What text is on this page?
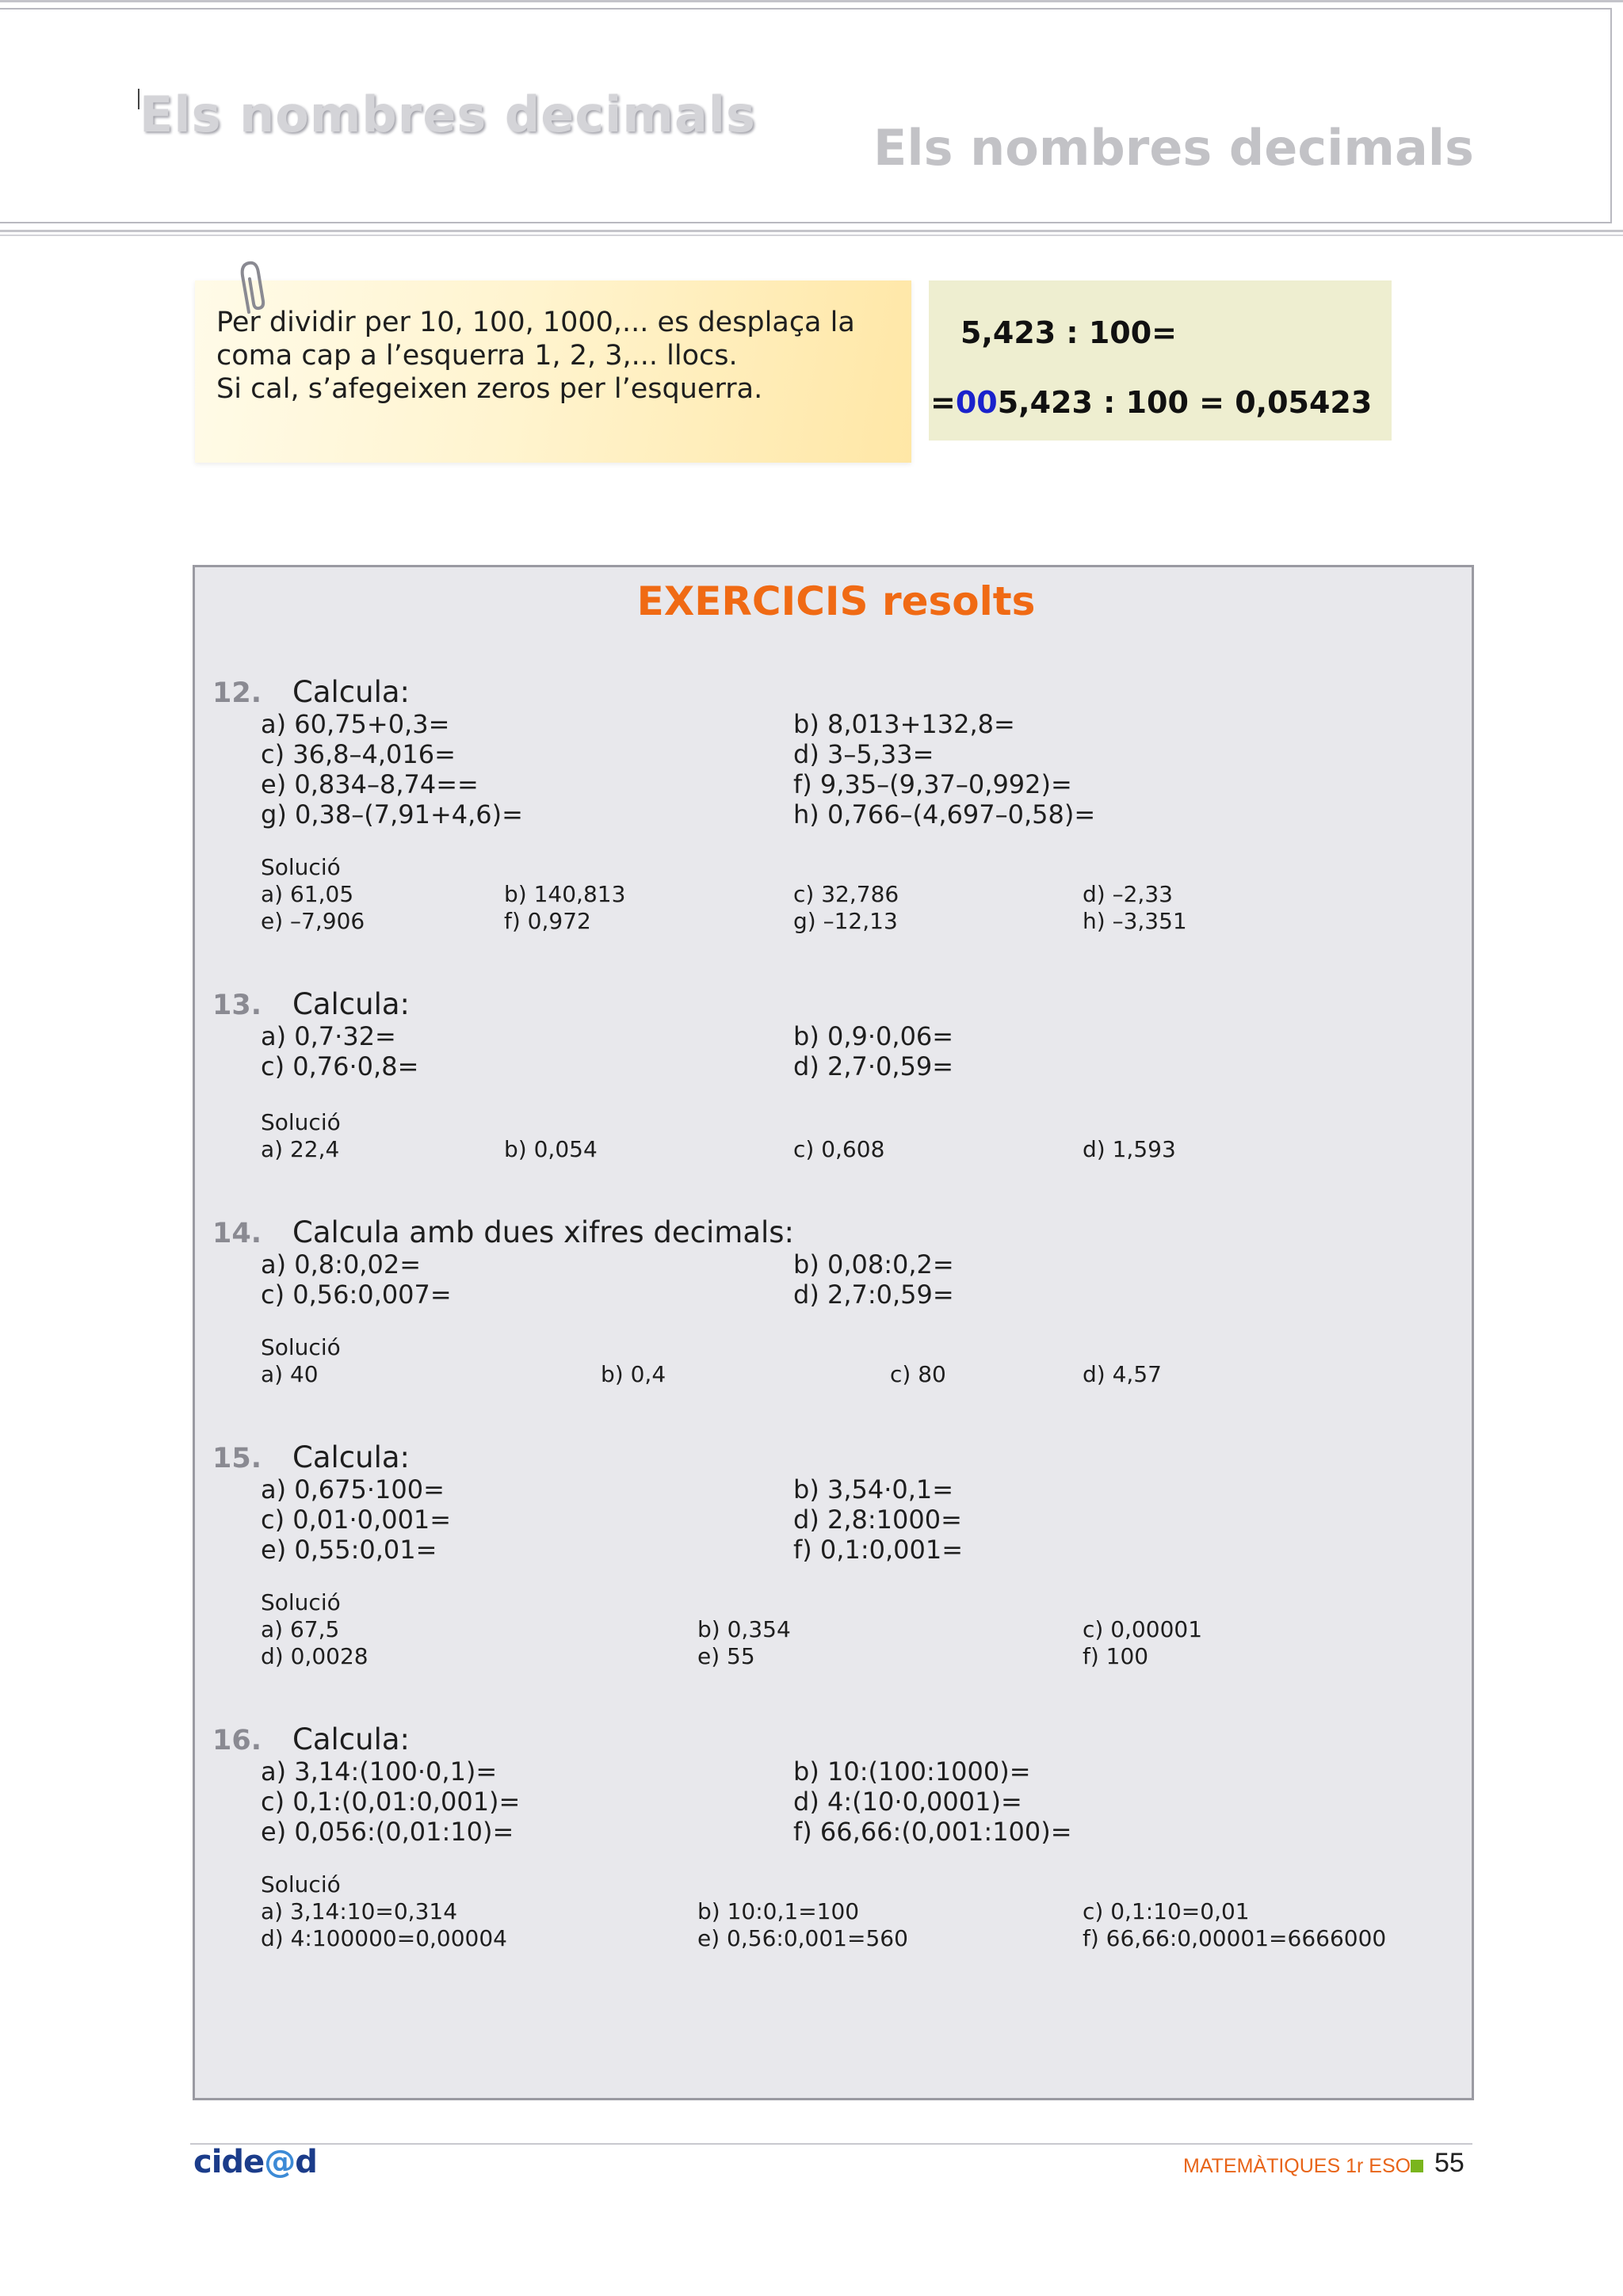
Els nombres decimals
Els nombres decimals
Per dividir per 10, 100, 1000,... es desplaça la
coma cap a l’esquerra 1, 2, 3,... llocs.
Si cal, s’afegeixen zeros per l’esquerra.
5,423 : 100=
=005,423 : 100 = 0,05423
EXERCICIS resolts
12. Calcula:
a) 60,75+0,3=	b) 8,013+132,8=
c) 36,8–4,016=	d) 3–5,33=
e) 0,834–8,74==	f) 9,35–(9,37–0,992)=
g) 0,38–(7,91+4,6)=	h) 0,766–(4,697–0,58)=
Solució
a) 61,05	b) 140,813	c) 32,786	d) –2,33
e) –7,906	f) 0,972	g) –12,13	h) –3,351
13. Calcula:
a) 0,7·32=	b) 0,9·0,06=
c) 0,76·0,8=	d) 2,7·0,59=
Solució
a) 22,4	b) 0,054	c) 0,608	d) 1,593
14. Calcula amb dues xifres decimals:
a) 0,8:0,02=	b) 0,08:0,2=
c) 0,56:0,007=	d) 2,7:0,59=
Solució
a) 40	b) 0,4	c) 80	d) 4,57
15. Calcula:
a) 0,675·100=	b) 3,54·0,1=
c) 0,01·0,001=	d) 2,8:1000=
e) 0,55:0,01=	f) 0,1:0,001=
Solució
a) 67,5	b) 0,354	c) 0,00001
d) 0,0028	e) 55	f) 100
16. Calcula:
a) 3,14:(100·0,1)=	b) 10:(100:1000)=
c) 0,1:(0,01:0,001)=	d) 4:(10·0,0001)=
e) 0,056:(0,01:10)=	f) 66,66:(0,001:100)=
Solució
a) 3,14:10=0,314	b) 10:0,1=100	c) 0,1:10=0,01
d) 4:100000=0,00004	e) 0,56:0,001=560	f) 66,66:0,00001=6666000
cide@d	MATEMÀTIQUES 1r ESO 55
